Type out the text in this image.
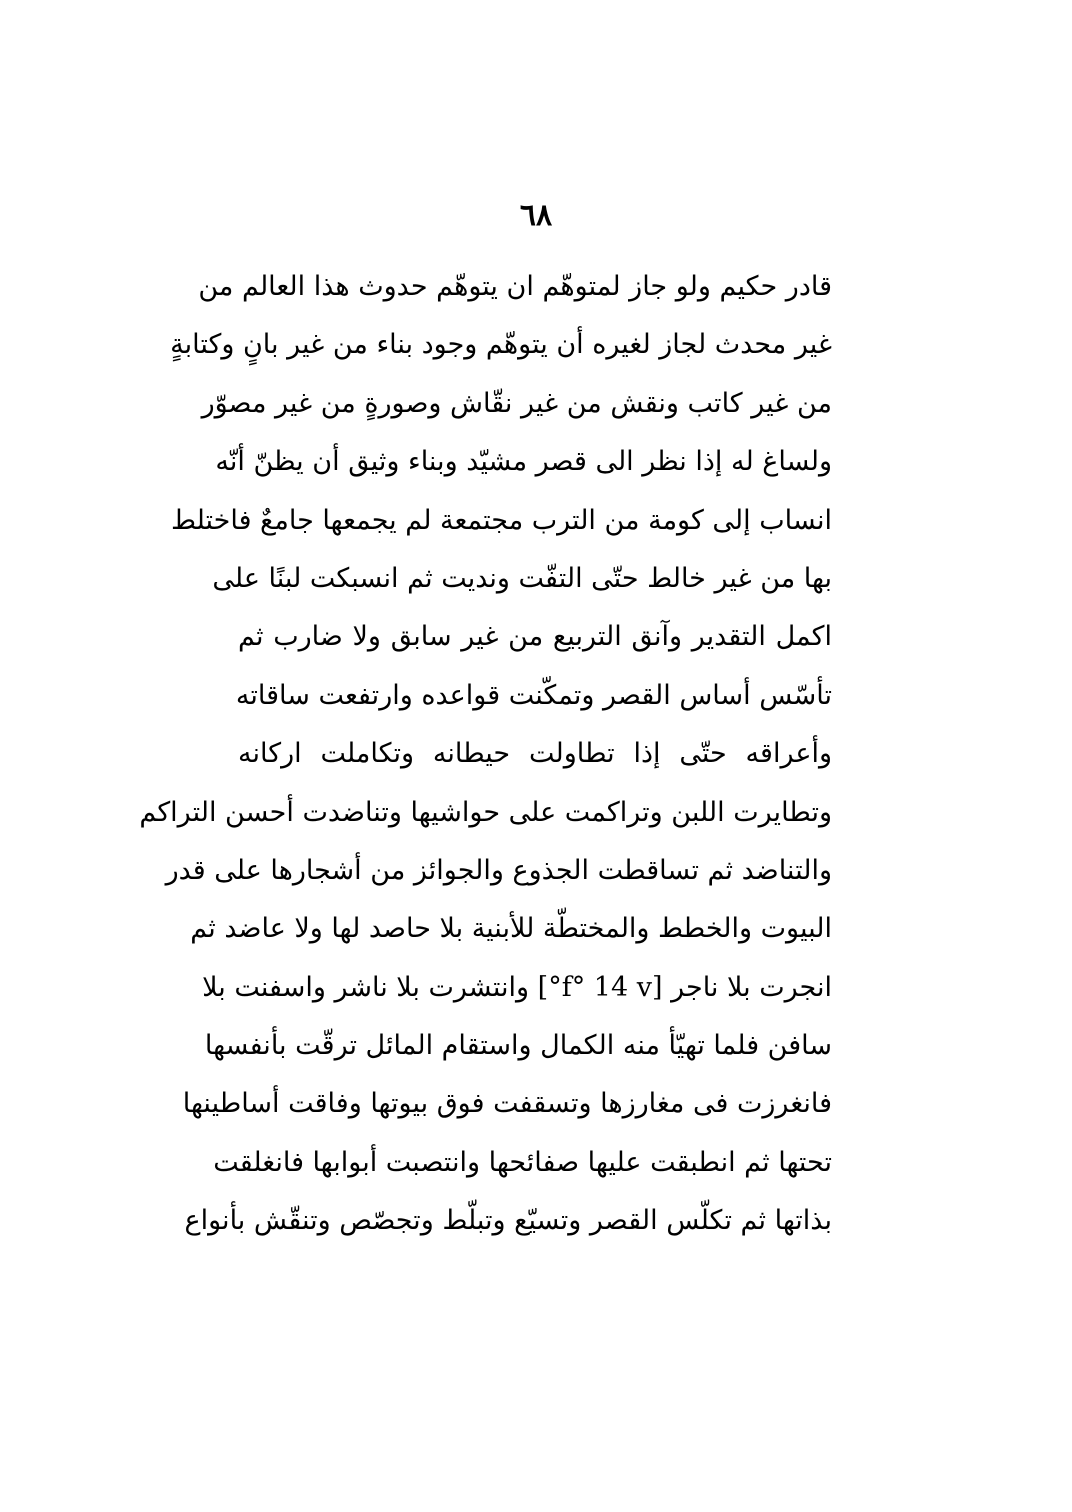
٦٨
قادر حكيم ولو جاز لمتوهّم ان يتوهّم حدوث هذا العالم من
غير محدث لجاز لغيره أن يتوهّم وجود بناء من غير بانٍ وكتابةٍ
من غير كاتب ونقش من غير نقّاش وصورةٍ من غير مصوّر
ولساغ له إذا نظر الى قصر مشيّد وبناء وثيق أن يظنّ أنّه
انساب إلى كومة من الترب مجتمعة لم يجمعها جامعٌ فاختلط
بها من غير خالط حتّى التفّت ونديت ثم انسبكت لبنًا على
اكمل التقدير وآنق التربيع من غير سابق ولا ضارب ثم
تأسّس أساس القصر وتمكّنت قواعده وارتفعت ساقاته
وأعراقه حتّى إذا تطاولت حيطانه وتكاملت اركانه
وتطايرت اللبن وتراكمت على حواشيها وتناضدت أحسن التراكم
والتناضد ثم تساقطت الجذوع والجوائز من أشجارها على قدر
البيوت والخطط والمختطّة للأبنية بلا حاصد لها ولا عاضد ثم
انجرت بلا ناجر [f° 14 v°] وانتشرت بلا ناشر واسفنت بلا
سافن فلما تهيّأ منه الكمال واستقام المائل ترقّت بأنفسها
فانغرزت فى مغارزها وتسقفت فوق بيوتها وفاقت أساطينها
تحتها ثم انطبقت عليها صفائحها وانتصبت أبوابها فانغلقت
بذاتها ثم تكلّس القصر وتسيّع وتبلّط وتجصّص وتنقّش بأنواع
